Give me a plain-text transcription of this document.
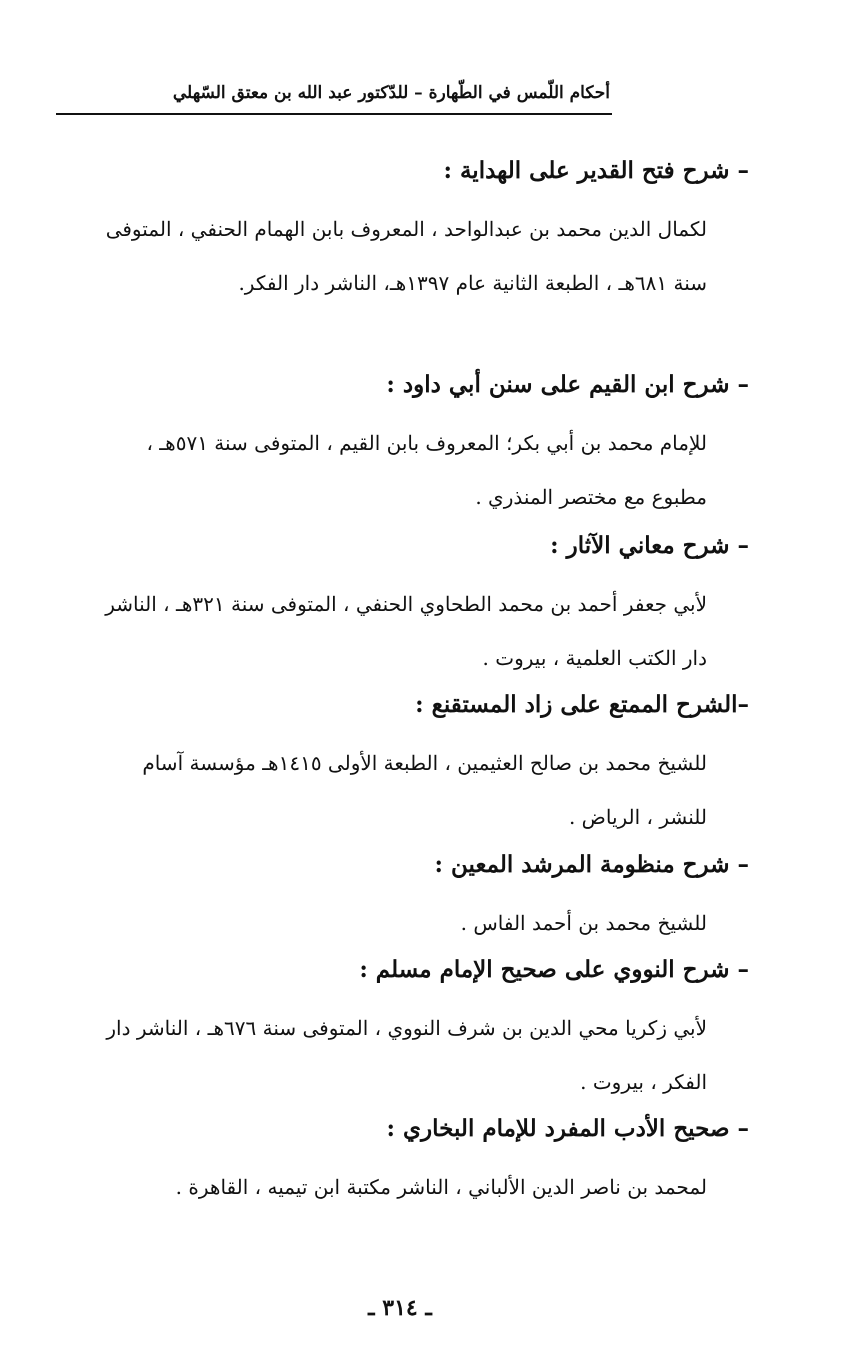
أحكام اللّمس في الطّهارة – للدّكتور عبد الله بن معتق السّهلي
– شرح فتح القدير على الهداية :
لكمال الدين محمد بن عبدالواحد ، المعروف بابن الهمام الحنفي ، المتوفى سنة ٦٨١هـ ، الطبعة الثانية عام ١٣٩٧هـ، الناشر دار الفكر.
– شرح ابن القيم على سنن أبي داود :
للإمام محمد بن أبي بكر؛ المعروف بابن القيم ، المتوفى سنة ٥٧١هـ ، مطبوع مع مختصر المنذري .
– شرح معاني الآثار :
لأبي جعفر أحمد بن محمد الطحاوي الحنفي ، المتوفى سنة ٣٢١هـ ، الناشر دار الكتب العلمية ، بيروت .
–الشرح الممتع على زاد المستقنع :
للشيخ محمد بن صالح العثيمين ، الطبعة الأولى ١٤١٥هـ مؤسسة آسام للنشر ، الرياض .
– شرح منظومة المرشد المعين :
للشيخ محمد بن أحمد الفاس .
– شرح النووي على صحيح الإمام مسلم :
لأبي زكريا محي الدين بن شرف النووي ، المتوفى سنة ٦٧٦هـ ، الناشر دار الفكر ، بيروت .
– صحيح الأدب المفرد للإمام البخاري :
لمحمد بن ناصر الدين الألباني ، الناشر مكتبة ابن تيميه ، القاهرة .
ـ ٣١٤ ـ
